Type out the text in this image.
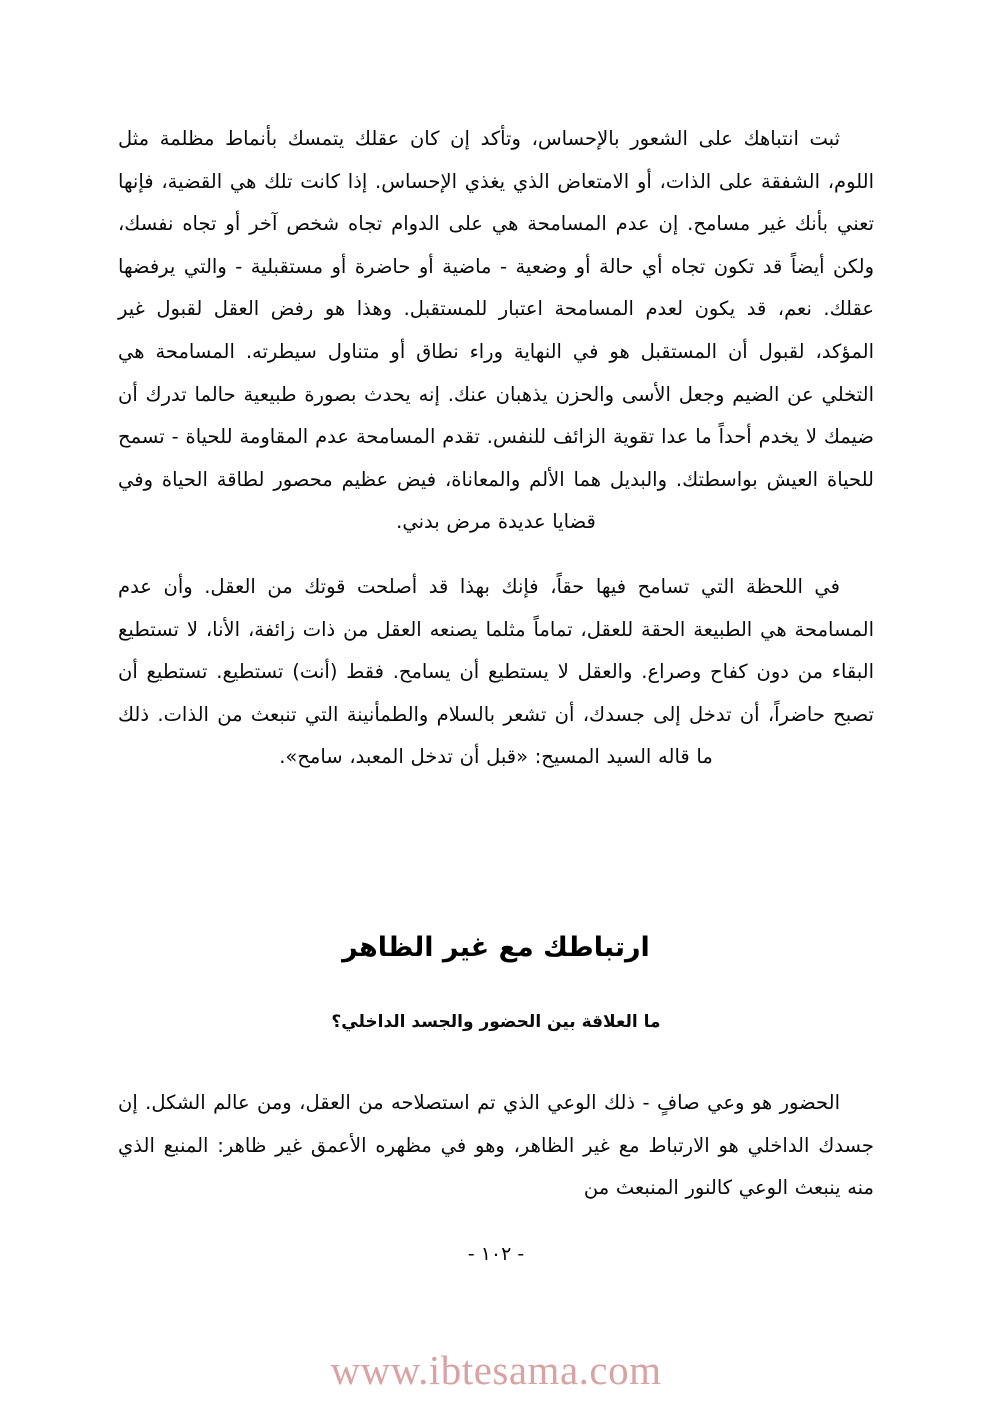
ثبت انتباهك على الشعور بالإحساس، وتأكد إن كان عقلك يتمسك بأنماط مظلمة مثل اللوم، الشفقة على الذات، أو الامتعاض الذي يغذي الإحساس. إذا كانت تلك هي القضية، فإنها تعني بأنك غير مسامح. إن عدم المسامحة هي على الدوام تجاه شخص آخر أو تجاه نفسك، ولكن أيضاً قد تكون تجاه أي حالة أو وضعية - ماضية أو حاضرة أو مستقبلية - والتي يرفضها عقلك. نعم، قد يكون لعدم المسامحة اعتبار للمستقبل. وهذا هو رفض العقل لقبول غير المؤكد، لقبول أن المستقبل هو في النهاية وراء نطاق أو متناول سيطرته. المسامحة هي التخلي عن الضيم وجعل الأسى والحزن يذهبان عنك. إنه يحدث بصورة طبيعية حالما تدرك أن ضيمك لا يخدم أحداً ما عدا تقوية الزائف للنفس. تقدم المسامحة عدم المقاومة للحياة - تسمح للحياة العيش بواسطتك. والبديل هما الألم والمعاناة، فيض عظيم محصور لطاقة الحياة وفي قضايا عديدة مرض بدني.

في اللحظة التي تسامح فيها حقاً، فإنك بهذا قد أصلحت قوتك من العقل. وأن عدم المسامحة هي الطبيعة الحقة للعقل، تماماً مثلما يصنعه العقل من ذات زائفة، الأنا، لا تستطيع البقاء من دون كفاح وصراع. والعقل لا يستطيع أن يسامح. فقط (أنت) تستطيع. تستطيع أن تصبح حاضراً، أن تدخل إلى جسدك، أن تشعر بالسلام والطمأنينة التي تنبعث من الذات. ذلك ما قاله السيد المسيح: «قبل أن تدخل المعبد، سامح».

ارتباطك مع غير الظاهر
ما العلاقة بين الحضور والجسد الداخلي؟

الحضور هو وعي صافٍ - ذلك الوعي الذي تم استصلاحه من العقل، ومن عالم الشكل. إن جسدك الداخلي هو الارتباط مع غير الظاهر، وهو في مظهره الأعمق غير ظاهر: المنبع الذي منه ينبعث الوعي كالنور المنبعث من

- ١٠٢ -
www.ibtesama.com
